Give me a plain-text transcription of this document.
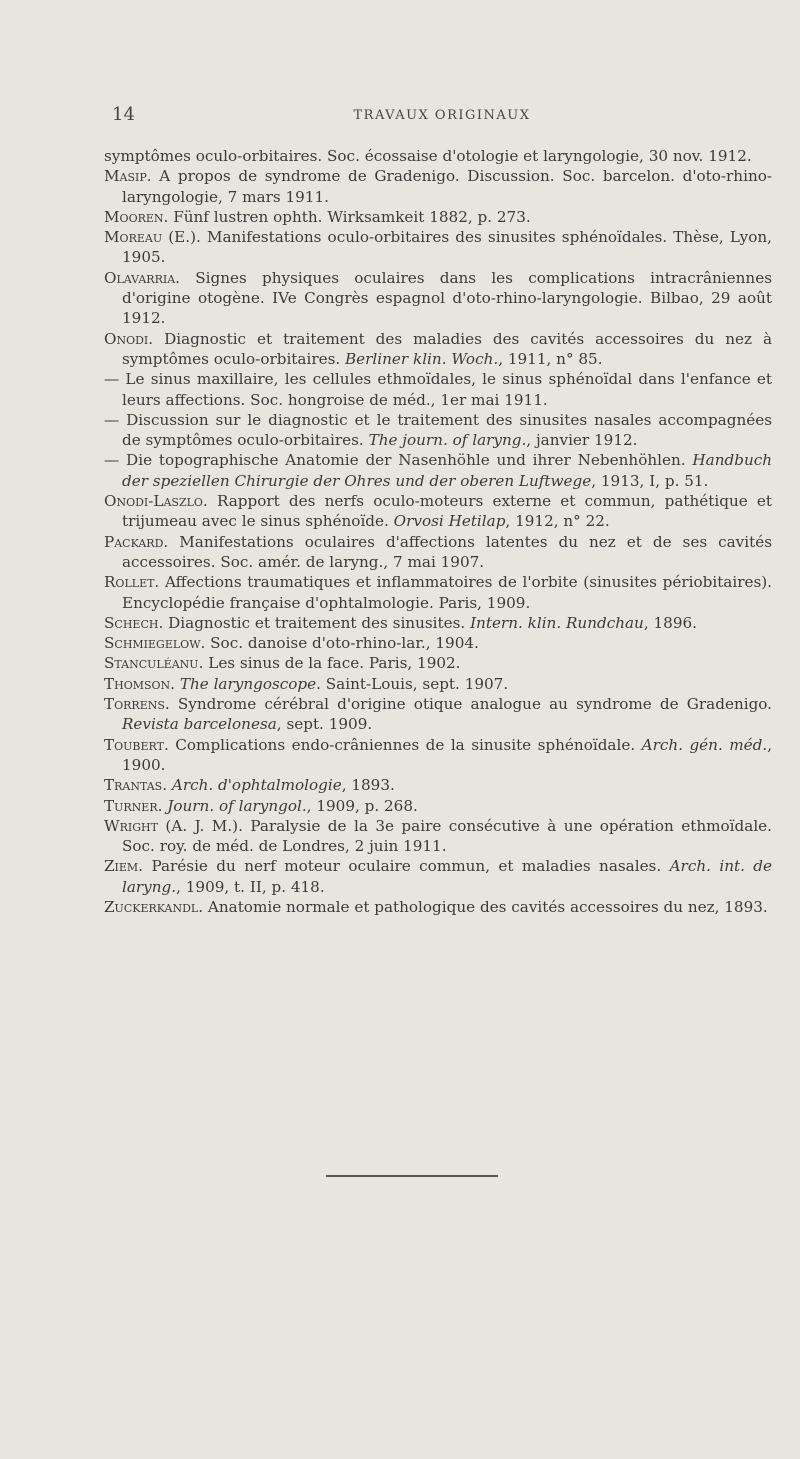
14	TRAVAUX ORIGINAUX
symptômes oculo-orbitaires. Soc. écossaise d'otologie et laryngologie, 30 nov. 1912.
Masip. A propos de syndrome de Gradenigo. Discussion. Soc. barcelon. d'oto-rhino-laryngologie, 7 mars 1911.
Mooren. Fünf lustren ophth. Wirksamkeit 1882, p. 273.
Moreau (E.). Manifestations oculo-orbitaires des sinusites sphénoïdales. Thèse, Lyon, 1905.
Olavarria. Signes physiques oculaires dans les complications intracrâniennes d'origine otogène. IVe Congrès espagnol d'oto-rhino-laryngologie. Bilbao, 29 août 1912.
Onodi. Diagnostic et traitement des maladies des cavités accessoires du nez à symptômes oculo-orbitaires. Berliner klin. Woch., 1911, n° 85.
— Le sinus maxillaire, les cellules ethmoïdales, le sinus sphénoïdal dans l'enfance et leurs affections. Soc. hongroise de méd., 1er mai 1911.
— Discussion sur le diagnostic et le traitement des sinusites nasales accompagnées de symptômes oculo-orbitaires. The journ. of laryng., janvier 1912.
— Die topographische Anatomie der Nasenhöhle und ihrer Nebenhöhlen. Handbuch der speziellen Chirurgie der Ohres und der oberen Luftwege, 1913, I, p. 51.
Onodi-Laszlo. Rapport des nerfs oculo-moteurs externe et commun, pathétique et trijumeau avec le sinus sphénoïde. Orvosi Hetilap, 1912, n° 22.
Packard. Manifestations oculaires d'affections latentes du nez et de ses cavités accessoires. Soc. amér. de laryng., 7 mai 1907.
Rollet. Affections traumatiques et inflammatoires de l'orbite (sinusites périobitaires). Encyclopédie française d'ophtalmologie. Paris, 1909.
Schech. Diagnostic et traitement des sinusites. Intern. klin. Rundchau, 1896.
Schmiegelow. Soc. danoise d'oto-rhino-lar., 1904.
Stanculéanu. Les sinus de la face. Paris, 1902.
Thomson. The laryngoscope. Saint-Louis, sept. 1907.
Torrens. Syndrome cérébral d'origine otique analogue au syndrome de Gradenigo. Revista barcelonesa, sept. 1909.
Toubert. Complications endo-crâniennes de la sinusite sphénoïdale. Arch. gén. méd., 1900.
Trantas. Arch. d'ophtalmologie, 1893.
Turner. Journ. of laryngol., 1909, p. 268.
Wright (A. J. M.). Paralysie de la 3e paire consécutive à une opération ethmoïdale. Soc. roy. de méd. de Londres, 2 juin 1911.
Ziem. Parésie du nerf moteur oculaire commun, et maladies nasales. Arch. int. de laryng., 1909, t. II, p. 418.
Zuckerkandl. Anatomie normale et pathologique des cavités accessoires du nez, 1893.
